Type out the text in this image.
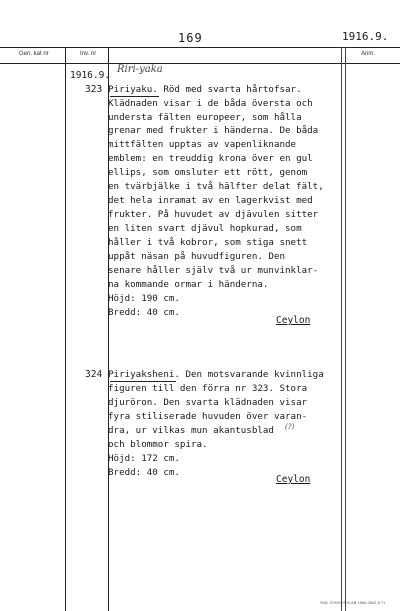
169	1916.9.
Gen. kat nr	Inv. nr	Anm.
1916.9.
323
Riri-yaka
Piriyaku. Röd med svarta hårtofsar.
Klädnaden visar i de båda översta och
understa fälten europeer, som hålla
grenar med frukter i händerna. De båda
mittfälten upptas av vapenliknande
emblem: en treuddig krona över en gul
ellips, som omsluter ett rött, genom
en tvärbjälke i två hälfter delat fält,
det hela inramat av en lagerkvist med
frukter. På huvudet av djävulen sitter
en liten svart djävul hopkurad, som
håller i två kobror, som stiga snett
uppåt näsan på huvudfiguren. Den
senare håller själv två ur munvinklar-
na kommande ormar i händerna.
Höjd: 190 cm.
Bredd: 40 cm.
Ceylon
324 Piriyaksheni. Den motsvarande kvinnliga
figuren till den förra nr 323. Stora
djuröron. Den svarta klädnaden visar
fyra stiliserade huvuden över varan-
dra, ur vilkas mun akantusblad (?)
och blommor spira.
Höjd: 172 cm.
Bredd: 40 cm.
Ceylon
SVA. SYNSKRIV AB 1964 2642 8 71
